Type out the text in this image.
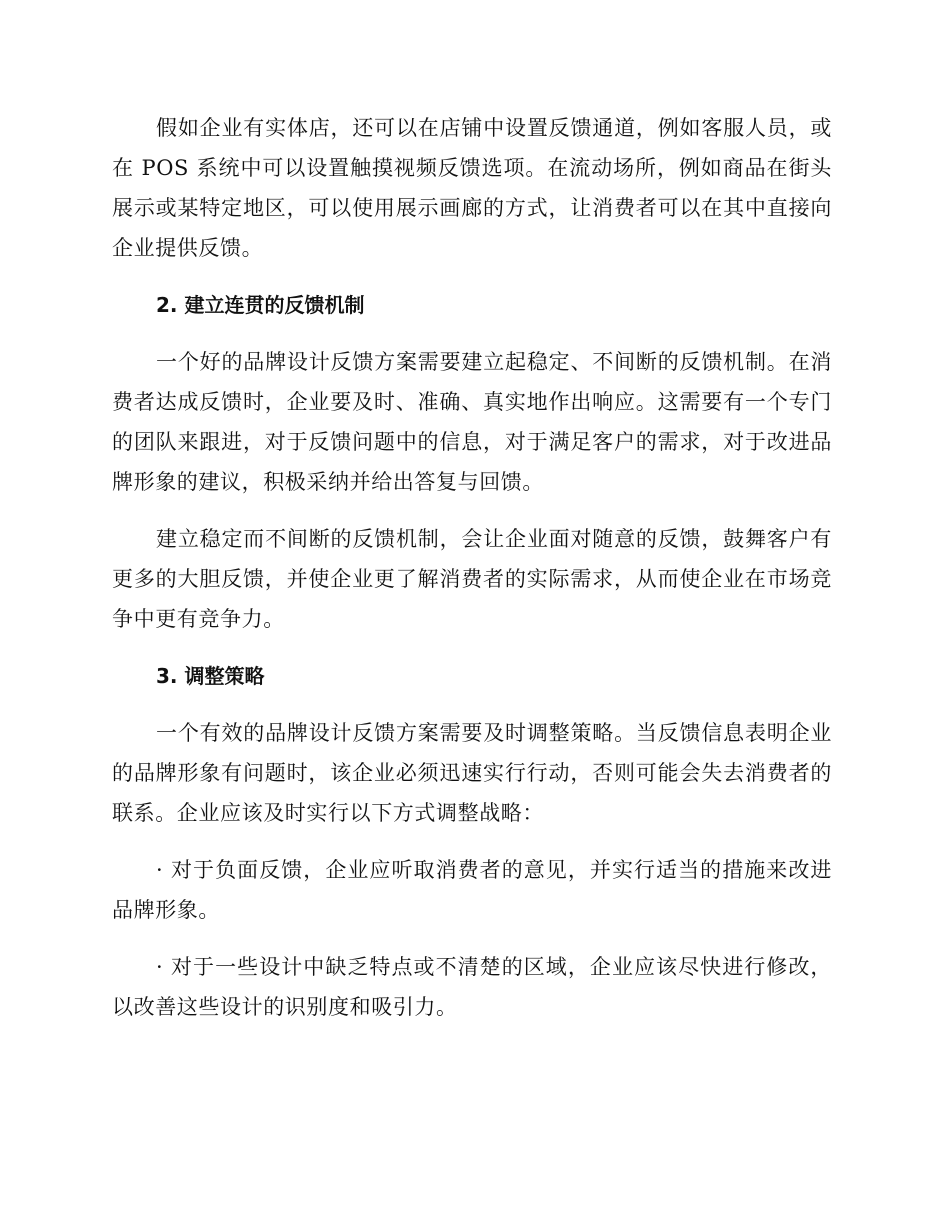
假如企业有实体店，还可以在店铺中设置反馈通道，例如客服人员，或在 POS 系统中可以设置触摸视频反馈选项。在流动场所，例如商品在街头展示或某特定地区，可以使用展示画廊的方式，让消费者可以在其中直接向企业提供反馈。

2. 建立连贯的反馈机制

一个好的品牌设计反馈方案需要建立起稳定、不间断的反馈机制。在消费者达成反馈时，企业要及时、准确、真实地作出响应。这需要有一个专门的团队来跟进，对于反馈问题中的信息，对于满足客户的需求，对于改进品牌形象的建议，积极采纳并给出答复与回馈。

建立稳定而不间断的反馈机制，会让企业面对随意的反馈，鼓舞客户有更多的大胆反馈，并使企业更了解消费者的实际需求，从而使企业在市场竞争中更有竞争力。

3. 调整策略

一个有效的品牌设计反馈方案需要及时调整策略。当反馈信息表明企业的品牌形象有问题时，该企业必须迅速实行行动，否则可能会失去消费者的联系。企业应该及时实行以下方式调整战略：

· 对于负面反馈，企业应听取消费者的意见，并实行适当的措施来改进品牌形象。

· 对于一些设计中缺乏特点或不清楚的区域，企业应该尽快进行修改，以改善这些设计的识别度和吸引力。
